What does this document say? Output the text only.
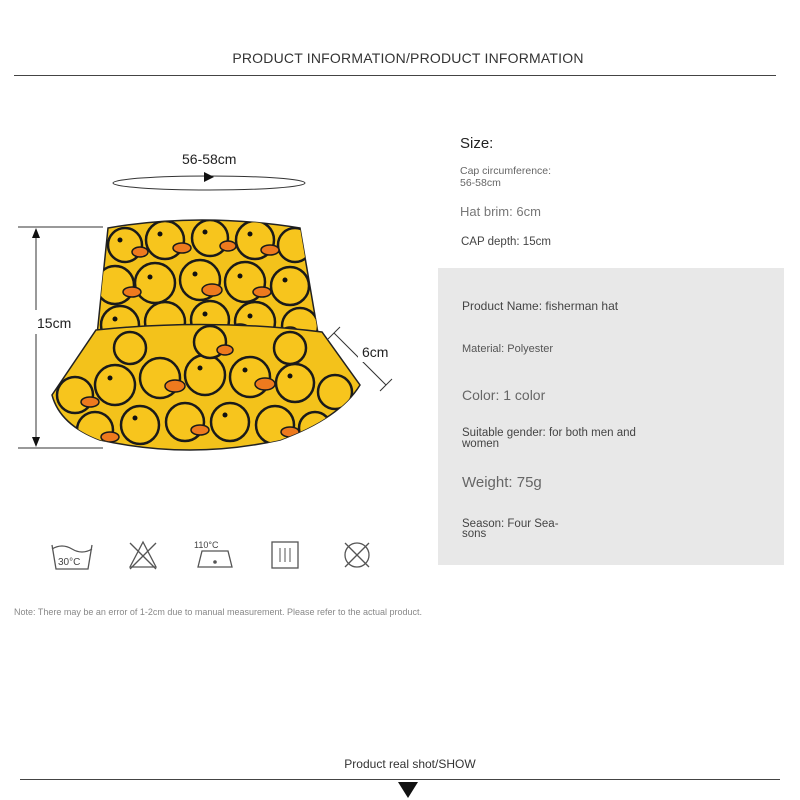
PRODUCT INFORMATION/PRODUCT INFORMATION
56-58cm
15cm
6cm
Size:
Cap circumference:
56-58cm
Hat brim: 6cm
CAP depth: 15cm
Product Name: fisherman hat
Material: Polyester
Color: 1 color
Suitable gender: for both men and women
Weight: 75g
Season: Four Sea-sons
30°C
110°C
Note: There may be an error of 1-2cm due to manual measurement. Please refer to the actual product.
Product real shot/SHOW
